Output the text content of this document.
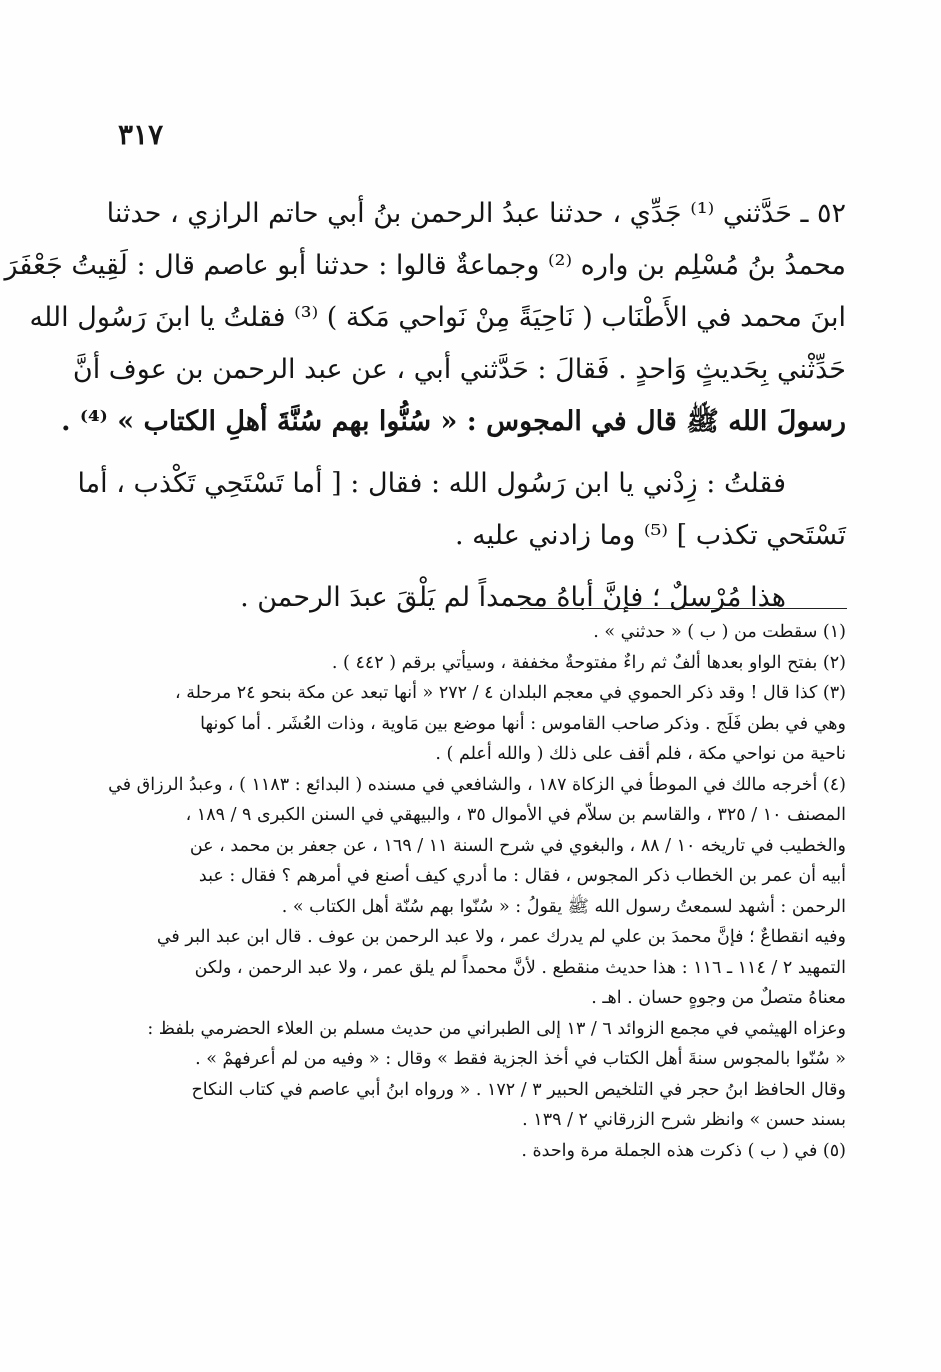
٣١٧
٥٢ ـ حَدَّثني ⁽¹⁾ جَدِّي ، حدثنا عبدُ الرحمن بنُ أبي حاتم الرازي ، حدثنا
محمدُ بنُ مُسْلِم بن واره ⁽²⁾ وجماعةٌ قالوا : حدثنا أبو عاصم قال : لَقِيتُ جَعْفَرَ
ابنَ محمد في الأَطْنَاب ( نَاحِيَةً مِنْ نَواحي مَكة ) ⁽³⁾ فقلتُ يا ابنَ رَسُول الله
حَدِّثْني بِحَديثٍ وَاحدٍ . فَقالَ : حَدَّثني أبي ، عن عبد الرحمن بن عوف أنَّ
رسولَ الله ﷺ قال في المجوس : « سُنُّوا بهم سُنَّةَ أهلِ الكتاب » ⁽⁴⁾ .
فقلتُ : زِدْني يا ابن رَسُول الله : فقال : [ أما تَسْتَحِي تَكْذب ، أما
تَسْتَحي تكذب ] ⁽⁵⁾ وما زادني عليه .
هذا مُرْسلٌ ؛ فإنَّ أباهُ محمداً لم يَلْقَ عبدَ الرحمن .
(١) سقطت من ( ب ) « حدثني » .
(٢) بفتح الواو بعدها ألفٌ ثم راءٌ مفتوحةٌ مخففة ، وسيأتي برقم ( ٤٤٢ ) .
(٣) كذا قال ! وقد ذكر الحموي في معجم البلدان ٤ / ٢٧٢ « أنها تبعد عن مكة بنحو ٢٤ مرحلة ،
وهي في بطن فَلَج . وذكر صاحب القاموس : أنها موضع بين مَاوية ، وذات العُشَر . أما كونها
ناحية من نواحي مكة ، فلم أقف على ذلك ( والله أعلم ) .
(٤) أخرجه مالك في الموطأ في الزكاة ١٨٧ ، والشافعي في مسنده ( البدائع : ١١٨٣ ) ، وعبدُ الرزاق في
المصنف ١٠ / ٣٢٥ ، والقاسم بن سلاّم في الأموال ٣٥ ، والبيهقي في السنن الكبرى ٩ / ١٨٩ ،
والخطيب في تاريخه ١٠ / ٨٨ ، والبغوي في شرح السنة ١١ / ١٦٩ ، عن جعفر بن محمد ، عن
أبيه أن عمر بن الخطاب ذكر المجوس ، فقال : ما أدري كيف أصنع في أمرهم ؟ فقال : عبد
الرحمن : أشهد لسمعتُ رسول الله ﷺ يقولُ : « سُنّوا بهم سُنّة أهل الكتاب » .
وفيه انقطاعٌ ؛ فإنَّ محمدَ بن علي لم يدرك عمر ، ولا عبد الرحمن بن عوف . قال ابن عبد البر في
التمهيد ٢ / ١١٤ ـ ١١٦ : هذا حديث منقطع . لأنَّ محمداً لم يلق عمر ، ولا عبد الرحمن ، ولكن
معناهُ متصلٌ من وجوهٍ حسان . اهـ .
وعزاه الهيثمي في مجمع الزوائد ٦ / ١٣ إلى الطبراني من حديث مسلم بن العلاء الحضرمي بلفظ :
« سُنّوا بالمجوس سنةَ أهل الكتاب في أخذ الجزية فقط » وقال : « وفيه من لم أعرفهمْ » .
وقال الحافظ ابنُ حجر في التلخيص الحبير ٣ / ١٧٢ . « ورواه ابنُ أبي عاصم في كتاب النكاح
بسند حسن » وانظر شرح الزرقاني ٢ / ١٣٩ .
(٥) في ( ب ) ذكرت هذه الجملة مرة واحدة .
